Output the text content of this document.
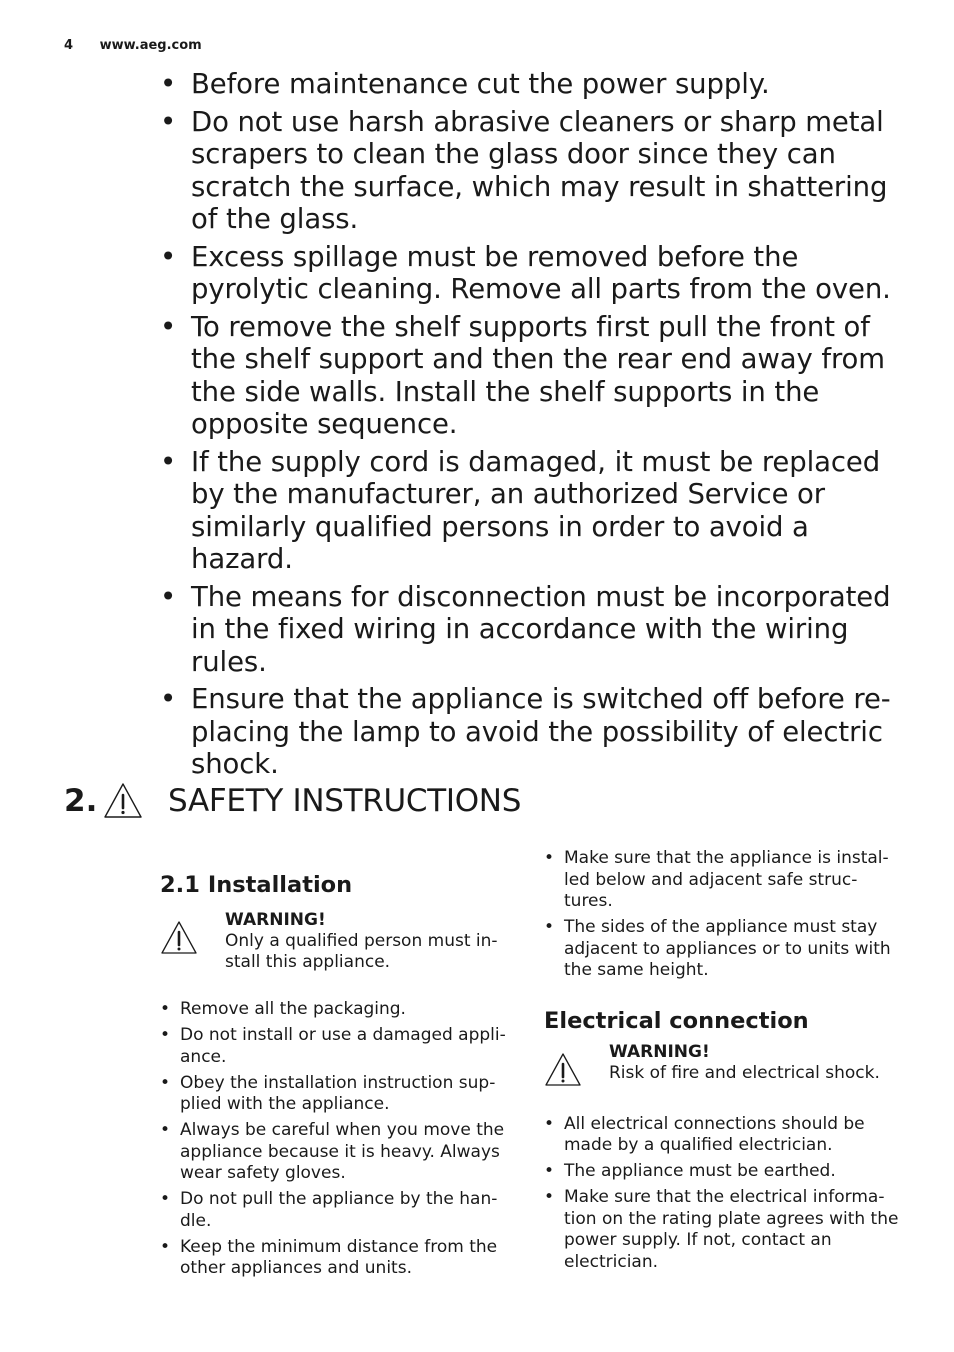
4 www.aeg.com
• Before maintenance cut the power supply.
• Do not use harsh abrasive cleaners or sharp metal scrapers to clean the glass door since they can scratch the surface, which may result in shattering of the glass.
• Excess spillage must be removed before the pyrolytic cleaning. Remove all parts from the oven.
• To remove the shelf supports first pull the front of the shelf support and then the rear end away from the side walls. Install the shelf supports in the opposite sequence.
• If the supply cord is damaged, it must be replaced by the manufacturer, an authorized Service or similarly qualified persons in order to avoid a hazard.
• The means for disconnection must be incorporated in the fixed wiring in accordance with the wiring rules.
• Ensure that the appliance is switched off before re-placing the lamp to avoid the possibility of electric shock.
2. SAFETY INSTRUCTIONS
2.1 Installation
WARNING!
Only a qualified person must in-stall this appliance.
• Remove all the packaging.
• Do not install or use a damaged appli-ance.
• Obey the installation instruction sup-plied with the appliance.
• Always be careful when you move the appliance because it is heavy. Always wear safety gloves.
• Do not pull the appliance by the han-dle.
• Keep the minimum distance from the other appliances and units.
• Make sure that the appliance is instal-led below and adjacent safe struc-tures.
• The sides of the appliance must stay adjacent to appliances or to units with the same height.
Electrical connection
WARNING!
Risk of fire and electrical shock.
• All electrical connections should be made by a qualified electrician.
• The appliance must be earthed.
• Make sure that the electrical informa-tion on the rating plate agrees with the power supply. If not, contact an electrician.
